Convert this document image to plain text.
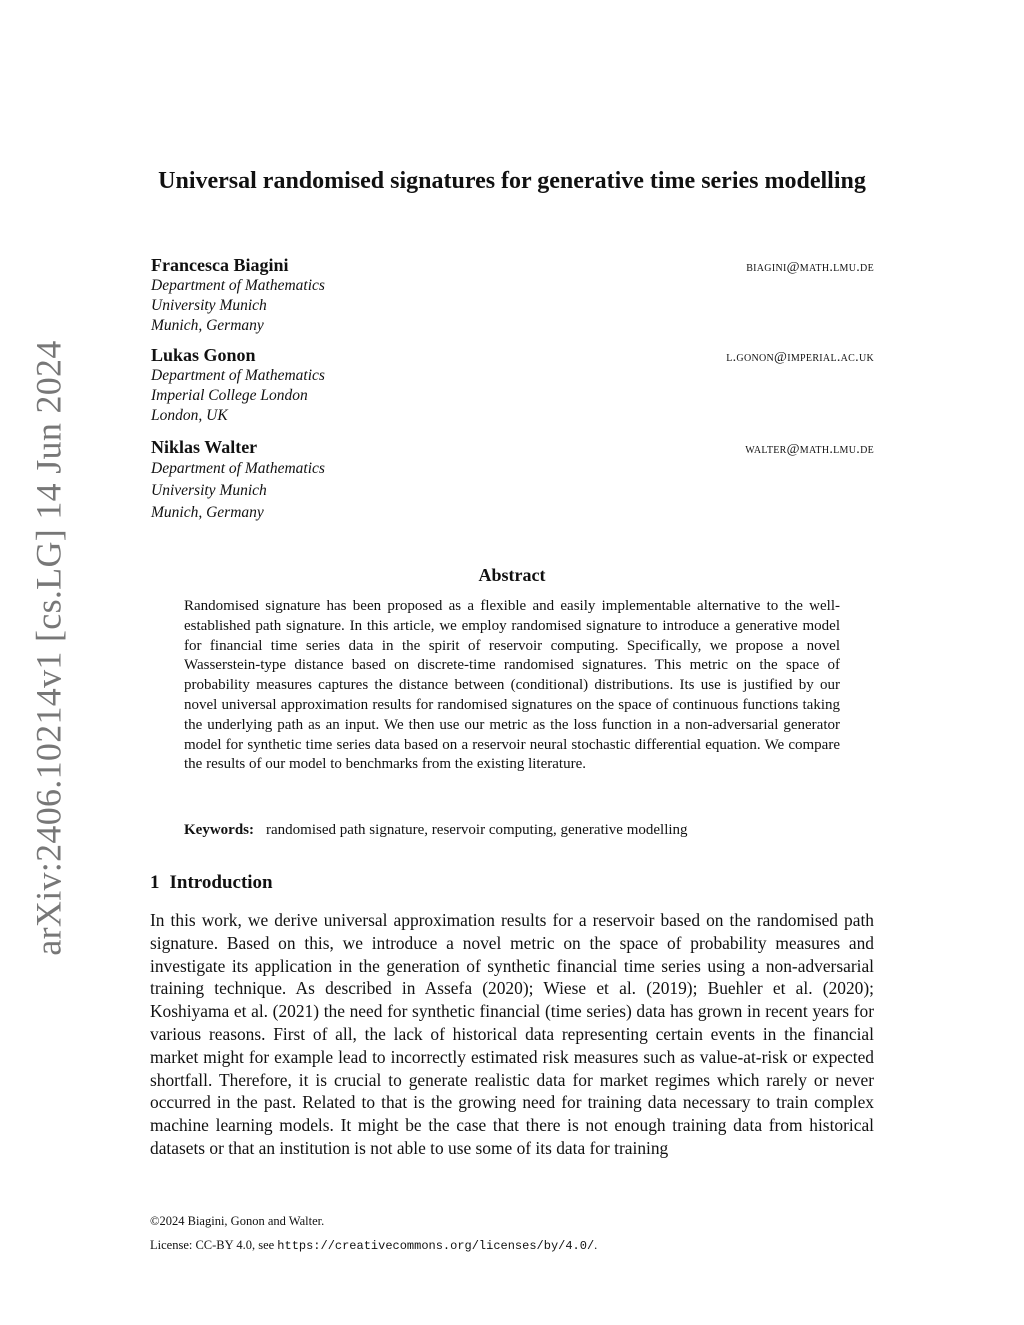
arXiv:2406.10214v1 [cs.LG] 14 Jun 2024
Universal randomised signatures for generative time series modelling
Francesca Biagini	biagini@math.lmu.de
Department of Mathematics
University Munich
Munich, Germany
Lukas Gonon	l.gonon@imperial.ac.uk
Department of Mathematics
Imperial College London
London, UK
Niklas Walter	walter@math.lmu.de
Department of Mathematics
University Munich
Munich, Germany
Abstract
Randomised signature has been proposed as a flexible and easily implementable alternative to the well-established path signature. In this article, we employ randomised signature to introduce a generative model for financial time series data in the spirit of reservoir computing. Specifically, we propose a novel Wasserstein-type distance based on discrete-time randomised signatures. This metric on the space of probability measures captures the distance between (conditional) distributions. Its use is justified by our novel universal approximation results for randomised signatures on the space of continuous functions taking the underlying path as an input. We then use our metric as the loss function in a non-adversarial generator model for synthetic time series data based on a reservoir neural stochastic differential equation. We compare the results of our model to benchmarks from the existing literature.
Keywords: randomised path signature, reservoir computing, generative modelling
1 Introduction
In this work, we derive universal approximation results for a reservoir based on the randomised path signature. Based on this, we introduce a novel metric on the space of probability measures and investigate its application in the generation of synthetic financial time series using a non-adversarial training technique. As described in Assefa (2020); Wiese et al. (2019); Buehler et al. (2020); Koshiyama et al. (2021) the need for synthetic financial (time series) data has grown in recent years for various reasons. First of all, the lack of historical data representing certain events in the financial market might for example lead to incorrectly estimated risk measures such as value-at-risk or expected shortfall. Therefore, it is crucial to generate realistic data for market regimes which rarely or never occurred in the past. Related to that is the growing need for training data necessary to train complex machine learning models. It might be the case that there is not enough training data from historical datasets or that an institution is not able to use some of its data for training
©2024 Biagini, Gonon and Walter.
License: CC-BY 4.0, see https://creativecommons.org/licenses/by/4.0/.
